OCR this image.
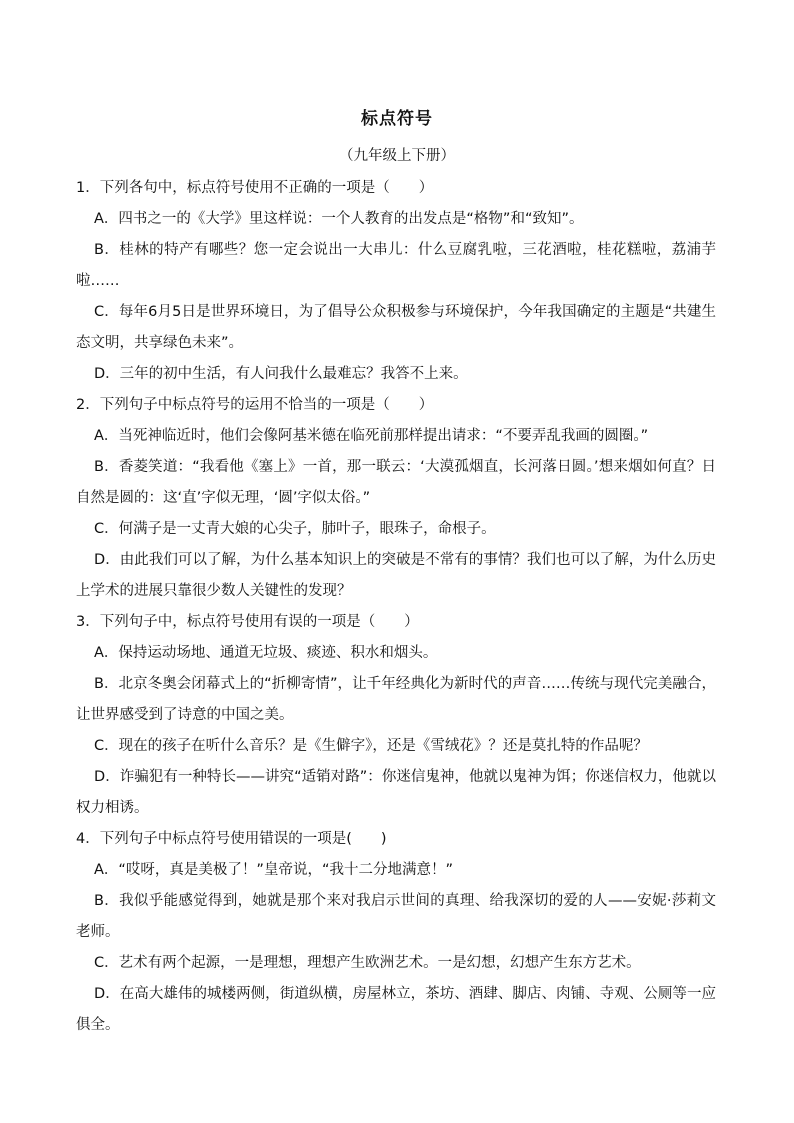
标点符号
（九年级上下册）

1．下列各句中，标点符号使用不正确的一项是（　　）

A．四书之一的《大学》里这样说：一个人教育的出发点是“格物”和“致知”。

B．桂林的特产有哪些？您一定会说出一大串儿：什么豆腐乳啦，三花酒啦，桂花糕啦，荔浦芋啦……

C．每年6月5日是世界环境日，为了倡导公众积极参与环境保护，今年我国确定的主题是“共建生态文明，共享绿色未来”。

D．三年的初中生活，有人问我什么最难忘？我答不上来。

2．下列句子中标点符号的运用不恰当的一项是（　　）

A．当死神临近时，他们会像阿基米德在临死前那样提出请求：“不要弄乱我画的圆圈。”

B．香菱笑道：“我看他《塞上》一首，那一联云：‘大漠孤烟直，长河落日圆。’想来烟如何直？日自然是圆的：这‘直’字似无理，‘圆’字似太俗。”

C．何满子是一丈青大娘的心尖子，肺叶子，眼珠子，命根子。

D．由此我们可以了解，为什么基本知识上的突破是不常有的事情？我们也可以了解，为什么历史上学术的进展只靠很少数人关键性的发现？

3．下列句子中，标点符号使用有误的一项是（　　）

A．保持运动场地、通道无垃圾、痰迹、积水和烟头。

B．北京冬奥会闭幕式上的“折柳寄情”，让千年经典化为新时代的声音……传统与现代完美融合，让世界感受到了诗意的中国之美。

C．现在的孩子在听什么音乐？是《生僻字》，还是《雪绒花》？还是莫扎特的作品呢？

D．诈骗犯有一种特长——讲究“适销对路”：你迷信鬼神，他就以鬼神为饵；你迷信权力，他就以权力相诱。

4．下列句子中标点符号使用错误的一项是(　　)

A．“哎呀，真是美极了！”皇帝说，“我十二分地满意！”

B．我似乎能感觉得到，她就是那个来对我启示世间的真理、给我深切的爱的人——安妮·莎莉文老师。

C．艺术有两个起源，一是理想，理想产生欧洲艺术。一是幻想，幻想产生东方艺术。

D．在高大雄伟的城楼两侧，街道纵横，房屋林立，茶坊、酒肆、脚店、肉铺、寺观、公厕等一应俱全。
